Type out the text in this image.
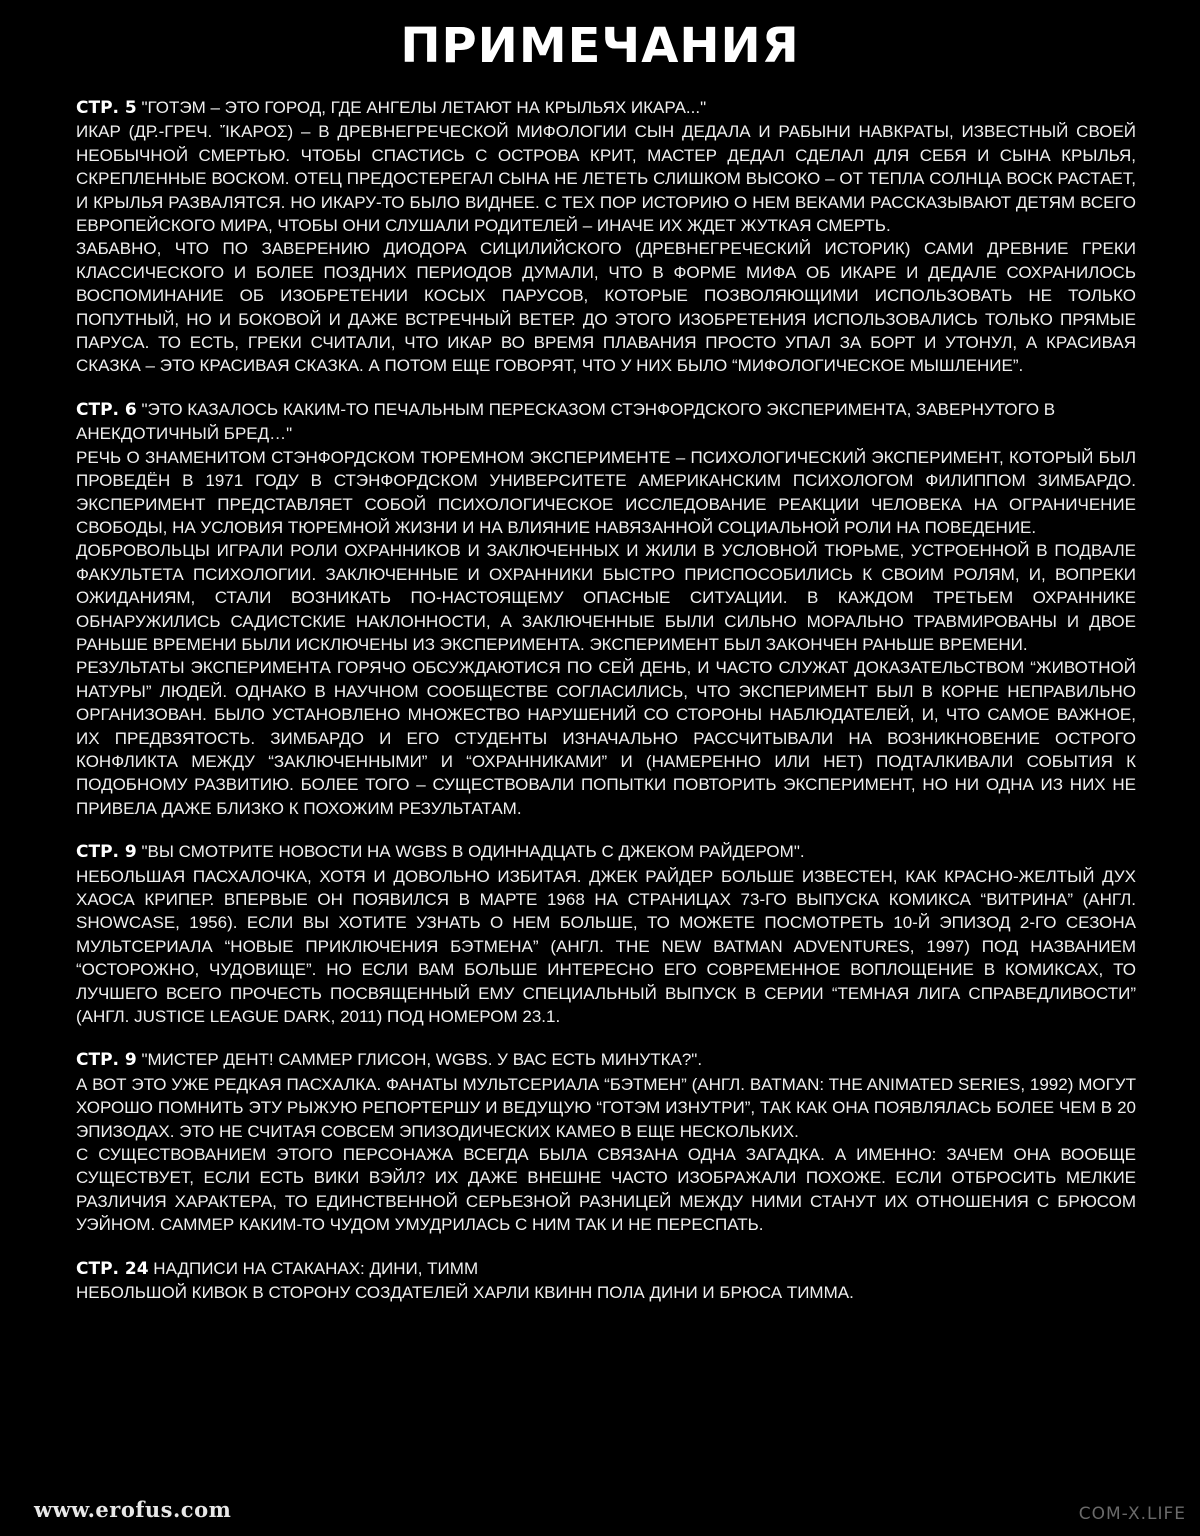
ПРИМЕЧАНИЯ

СТР. 5 "ГОТЭМ – ЭТО ГОРОД, ГДЕ АНГЕЛЫ ЛЕТАЮТ НА КРЫЛЬЯХ ИКАРА..."

ИКАР (ДР.-ГРЕЧ. ἼΚΑΡΟΣ) – В ДРЕВНЕГРЕЧЕСКОЙ МИФОЛОГИИ СЫН ДЕДАЛА И РАБЫНИ НАВКРАТЫ, ИЗВЕСТНЫЙ СВОЕЙ НЕОБЫЧНОЙ СМЕРТЬЮ. ЧТОБЫ СПАСТИСЬ С ОСТРОВА КРИТ, МАСТЕР ДЕДАЛ СДЕЛАЛ ДЛЯ СЕБЯ И СЫНА КРЫЛЬЯ, СКРЕПЛЕННЫЕ ВОСКОМ. ОТЕЦ ПРЕДОСТЕРЕГАЛ СЫНА НЕ ЛЕТЕТЬ СЛИШКОМ ВЫСОКО – ОТ ТЕПЛА СОЛНЦА ВОСК РАСТАЕТ, И КРЫЛЬЯ РАЗВАЛЯТСЯ. НО ИКАРУ-ТО БЫЛО ВИДНЕЕ. С ТЕХ ПОР ИСТОРИЮ О НЕМ ВЕКАМИ РАССКАЗЫВАЮТ ДЕТЯМ ВСЕГО ЕВРОПЕЙСКОГО МИРА, ЧТОБЫ ОНИ СЛУШАЛИ РОДИТЕЛЕЙ – ИНАЧЕ ИХ ЖДЕТ ЖУТКАЯ СМЕРТЬ.

ЗАБАВНО, ЧТО ПО ЗАВЕРЕНИЮ ДИОДОРА СИЦИЛИЙСКОГО (ДРЕВНЕГРЕЧЕСКИЙ ИСТОРИК) САМИ ДРЕВНИЕ ГРЕКИ КЛАССИЧЕСКОГО И БОЛЕЕ ПОЗДНИХ ПЕРИОДОВ ДУМАЛИ, ЧТО В ФОРМЕ МИФА ОБ ИКАРЕ И ДЕДАЛЕ СОХРАНИЛОСЬ ВОСПОМИНАНИЕ ОБ ИЗОБРЕТЕНИИ КОСЫХ ПАРУСОВ, КОТОРЫЕ ПОЗВОЛЯЮЩИМИ ИСПОЛЬЗОВАТЬ НЕ ТОЛЬКО ПОПУТНЫЙ, НО И БОКОВОЙ И ДАЖЕ ВСТРЕЧНЫЙ ВЕТЕР. ДО ЭТОГО ИЗОБРЕТЕНИЯ ИСПОЛЬЗОВАЛИСЬ ТОЛЬКО ПРЯМЫЕ ПАРУСА. ТО ЕСТЬ, ГРЕКИ СЧИТАЛИ, ЧТО ИКАР ВО ВРЕМЯ ПЛАВАНИЯ ПРОСТО УПАЛ ЗА БОРТ И УТОНУЛ, А КРАСИВАЯ СКАЗКА – ЭТО КРАСИВАЯ СКАЗКА. А ПОТОМ ЕЩЕ ГОВОРЯТ, ЧТО У НИХ БЫЛО “МИФОЛОГИЧЕСКОЕ МЫШЛЕНИЕ”.

СТР. 6 "ЭТО КАЗАЛОСЬ КАКИМ-ТО ПЕЧАЛЬНЫМ ПЕРЕСКАЗОМ СТЭНФОРДСКОГО ЭКСПЕРИМЕНТА, ЗАВЕРНУТОГО В АНЕКДОТИЧНЫЙ БРЕД…"

РЕЧЬ О ЗНАМЕНИТОМ СТЭНФОРДСКОМ ТЮРЕМНОМ ЭКСПЕРИМЕНТЕ – ПСИХОЛОГИЧЕСКИЙ ЭКСПЕРИМЕНТ, КОТОРЫЙ БЫЛ ПРОВЕДЁН В 1971 ГОДУ В СТЭНФОРДСКОМ УНИВЕРСИТЕТЕ АМЕРИКАНСКИМ ПСИХОЛОГОМ ФИЛИППОМ ЗИМБАРДО. ЭКСПЕРИМЕНТ ПРЕДСТАВЛЯЕТ СОБОЙ ПСИХОЛОГИЧЕСКОЕ ИССЛЕДОВАНИЕ РЕАКЦИИ ЧЕЛОВЕКА НА ОГРАНИЧЕНИЕ СВОБОДЫ, НА УСЛОВИЯ ТЮРЕМНОЙ ЖИЗНИ И НА ВЛИЯНИЕ НАВЯЗАННОЙ СОЦИАЛЬНОЙ РОЛИ НА ПОВЕДЕНИЕ.

ДОБРОВОЛЬЦЫ ИГРАЛИ РОЛИ ОХРАННИКОВ И ЗАКЛЮЧЕННЫХ И ЖИЛИ В УСЛОВНОЙ ТЮРЬМЕ, УСТРОЕННОЙ В ПОДВАЛЕ ФАКУЛЬТЕТА ПСИХОЛОГИИ. ЗАКЛЮЧЕННЫЕ И ОХРАННИКИ БЫСТРО ПРИСПОСОБИЛИСЬ К СВОИМ РОЛЯМ, И, ВОПРЕКИ ОЖИДАНИЯМ, СТАЛИ ВОЗНИКАТЬ ПО-НАСТОЯЩЕМУ ОПАСНЫЕ СИТУАЦИИ. В КАЖДОМ ТРЕТЬЕМ ОХРАННИКЕ ОБНАРУЖИЛИСЬ САДИСТСКИЕ НАКЛОННОСТИ, А ЗАКЛЮЧЕННЫЕ БЫЛИ СИЛЬНО МОРАЛЬНО ТРАВМИРОВАНЫ И ДВОЕ РАНЬШЕ ВРЕМЕНИ БЫЛИ ИСКЛЮЧЕНЫ ИЗ ЭКСПЕРИМЕНТА. ЭКСПЕРИМЕНТ БЫЛ ЗАКОНЧЕН РАНЬШЕ ВРЕМЕНИ.

РЕЗУЛЬТАТЫ ЭКСПЕРИМЕНТА ГОРЯЧО ОБСУЖДАЮТИСЯ ПО СЕЙ ДЕНЬ, И ЧАСТО СЛУЖАТ ДОКАЗАТЕЛЬСТВОМ “ЖИВОТНОЙ НАТУРЫ” ЛЮДЕЙ. ОДНАКО В НАУЧНОМ СООБЩЕСТВЕ СОГЛАСИЛИСЬ, ЧТО ЭКСПЕРИМЕНТ БЫЛ В КОРНЕ НЕПРАВИЛЬНО ОРГАНИЗОВАН. БЫЛО УСТАНОВЛЕНО МНОЖЕСТВО НАРУШЕНИЙ СО СТОРОНЫ НАБЛЮДАТЕЛЕЙ, И, ЧТО САМОЕ ВАЖНОЕ, ИХ ПРЕДВЗЯТОСТЬ. ЗИМБАРДО И ЕГО СТУДЕНТЫ ИЗНАЧАЛЬНО РАССЧИТЫВАЛИ НА ВОЗНИКНОВЕНИЕ ОСТРОГО КОНФЛИКТА МЕЖДУ “ЗАКЛЮЧЕННЫМИ” И “ОХРАННИКАМИ” И (НАМЕРЕННО ИЛИ НЕТ) ПОДТАЛКИВАЛИ СОБЫТИЯ К ПОДОБНОМУ РАЗВИТИЮ. БОЛЕЕ ТОГО – СУЩЕСТВОВАЛИ ПОПЫТКИ ПОВТОРИТЬ ЭКСПЕРИМЕНТ, НО НИ ОДНА ИЗ НИХ НЕ ПРИВЕЛА ДАЖЕ БЛИЗКО К ПОХОЖИМ РЕЗУЛЬТАТАМ.

СТР. 9 "ВЫ СМОТРИТЕ НОВОСТИ НА WGBS В ОДИННАДЦАТЬ С ДЖЕКОМ РАЙДЕРОМ".

НЕБОЛЬШАЯ ПАСХАЛОЧКА, ХОТЯ И ДОВОЛЬНО ИЗБИТАЯ. ДЖЕК РАЙДЕР БОЛЬШЕ ИЗВЕСТЕН, КАК КРАСНО-ЖЕЛТЫЙ ДУХ ХАОСА КРИПЕР. ВПЕРВЫЕ ОН ПОЯВИЛСЯ В МАРТЕ 1968 НА СТРАНИЦАХ 73-ГО ВЫПУСКА КОМИКСА “ВИТРИНА” (АНГЛ. SHOWCASE, 1956). ЕСЛИ ВЫ ХОТИТЕ УЗНАТЬ О НЕМ БОЛЬШЕ, ТО МОЖЕТЕ ПОСМОТРЕТЬ 10-Й ЭПИЗОД 2-ГО СЕЗОНА МУЛЬТСЕРИАЛА “НОВЫЕ ПРИКЛЮЧЕНИЯ БЭТМЕНА” (АНГЛ. THE NEW BATMAN ADVENTURES, 1997) ПОД НАЗВАНИЕМ “ОСТОРОЖНО, ЧУДОВИЩЕ”. НО ЕСЛИ ВАМ БОЛЬШЕ ИНТЕРЕСНО ЕГО СОВРЕМЕННОЕ ВОПЛОЩЕНИЕ В КОМИКСАХ, ТО ЛУЧШЕГО ВСЕГО ПРОЧЕСТЬ ПОСВЯЩЕННЫЙ ЕМУ СПЕЦИАЛЬНЫЙ ВЫПУСК В СЕРИИ “ТЕМНАЯ ЛИГА СПРАВЕДЛИВОСТИ” (АНГЛ. JUSTICE LEAGUE DARK, 2011) ПОД НОМЕРОМ 23.1.

СТР. 9 "МИСТЕР ДЕНТ! САММЕР ГЛИСОН, WGBS. У ВАС ЕСТЬ МИНУТКА?".

А ВОТ ЭТО УЖЕ РЕДКАЯ ПАСХАЛКА. ФАНАТЫ МУЛЬТСЕРИАЛА “БЭТМЕН” (АНГЛ. BATMAN: THE ANIMATED SERIES, 1992) МОГУТ ХОРОШО ПОМНИТЬ ЭТУ РЫЖУЮ РЕПОРТЕРШУ И ВЕДУЩУЮ “ГОТЭМ ИЗНУТРИ”, ТАК КАК ОНА ПОЯВЛЯЛАСЬ БОЛЕЕ ЧЕМ В 20 ЭПИЗОДАХ. ЭТО НЕ СЧИТАЯ СОВСЕМ ЭПИЗОДИЧЕСКИХ КАМЕО В ЕЩЕ НЕСКОЛЬКИХ.

С СУЩЕСТВОВАНИЕМ ЭТОГО ПЕРСОНАЖА ВСЕГДА БЫЛА СВЯЗАНА ОДНА ЗАГАДКА. А ИМЕННО: ЗАЧЕМ ОНА ВООБЩЕ СУЩЕСТВУЕТ, ЕСЛИ ЕСТЬ ВИКИ ВЭЙЛ? ИХ ДАЖЕ ВНЕШНЕ ЧАСТО ИЗОБРАЖАЛИ ПОХОЖЕ. ЕСЛИ ОТБРОСИТЬ МЕЛКИЕ РАЗЛИЧИЯ ХАРАКТЕРА, ТО ЕДИНСТВЕННОЙ СЕРЬЕЗНОЙ РАЗНИЦЕЙ МЕЖДУ НИМИ СТАНУТ ИХ ОТНОШЕНИЯ С БРЮСОМ УЭЙНОМ. САММЕР КАКИМ-ТО ЧУДОМ УМУДРИЛАСЬ С НИМ ТАК И НЕ ПЕРЕСПАТЬ.

СТР. 24 НАДПИСИ НА СТАКАНАХ: ДИНИ, ТИММ

НЕБОЛЬШОЙ КИВОК В СТОРОНУ СОЗДАТЕЛЕЙ ХАРЛИ КВИНН ПОЛА ДИНИ И БРЮСА ТИММА.

www.erofus.com	COM-X.LIFE
